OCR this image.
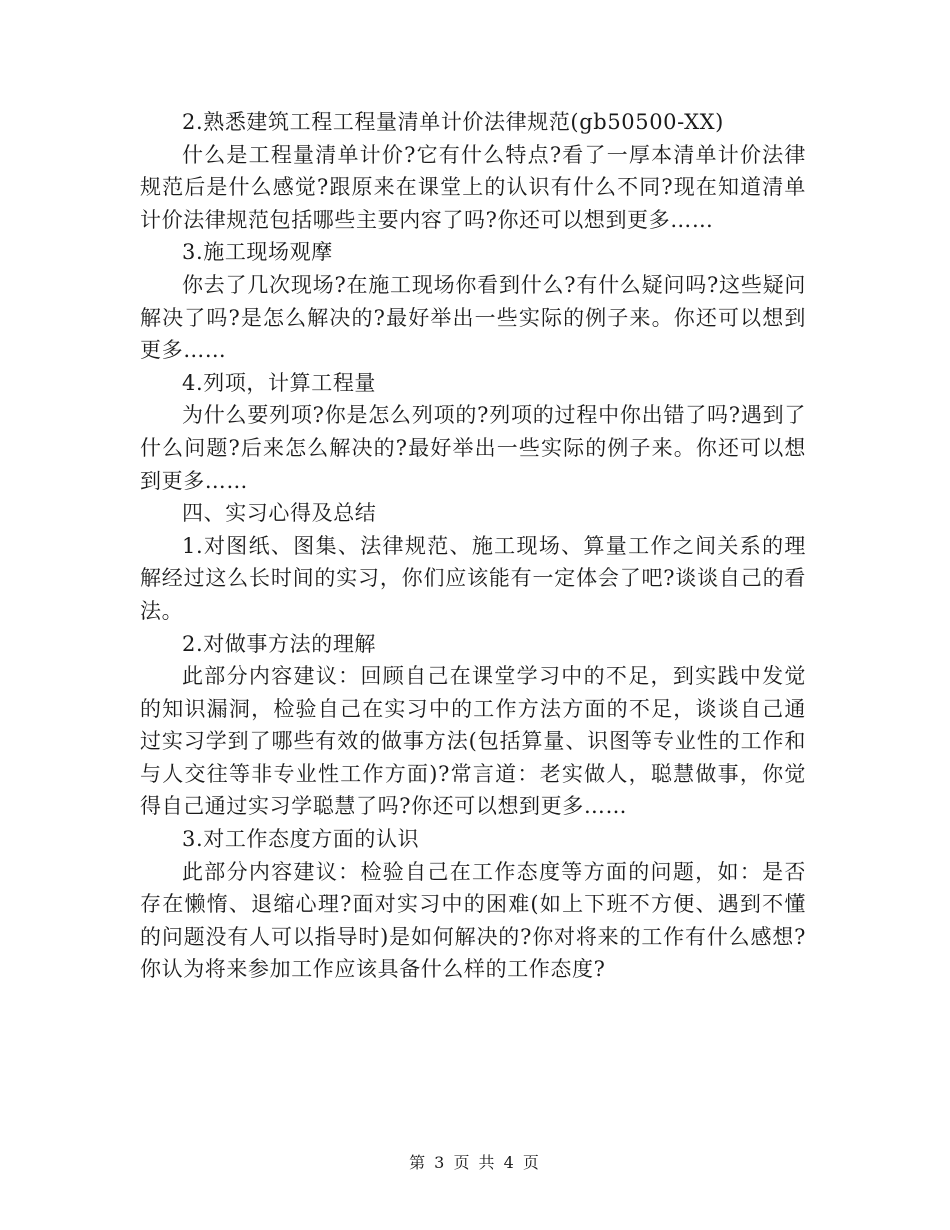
2.熟悉建筑工程工程量清单计价法律规范(gb50500-XX)

什么是工程量清单计价?它有什么特点?看了一厚本清单计价法律规范后是什么感觉?跟原来在课堂上的认识有什么不同?现在知道清单计价法律规范包括哪些主要内容了吗?你还可以想到更多……

3.施工现场观摩

你去了几次现场?在施工现场你看到什么?有什么疑问吗?这些疑问解决了吗?是怎么解决的?最好举出一些实际的例子来。你还可以想到更多……

4.列项，计算工程量

为什么要列项?你是怎么列项的?列项的过程中你出错了吗?遇到了什么问题?后来怎么解决的?最好举出一些实际的例子来。你还可以想到更多……

四、实习心得及总结

1.对图纸、图集、法律规范、施工现场、算量工作之间关系的理解经过这么长时间的实习，你们应该能有一定体会了吧?谈谈自己的看法。

2.对做事方法的理解

此部分内容建议：回顾自己在课堂学习中的不足，到实践中发觉的知识漏洞，检验自己在实习中的工作方法方面的不足，谈谈自己通过实习学到了哪些有效的做事方法(包括算量、识图等专业性的工作和与人交往等非专业性工作方面)?常言道：老实做人，聪慧做事，你觉得自己通过实习学聪慧了吗?你还可以想到更多……

3.对工作态度方面的认识

此部分内容建议：检验自己在工作态度等方面的问题，如：是否存在懒惰、退缩心理?面对实习中的困难(如上下班不方便、遇到不懂的问题没有人可以指导时)是如何解决的?你对将来的工作有什么感想?你认为将来参加工作应该具备什么样的工作态度?

第 3 页 共 4 页
